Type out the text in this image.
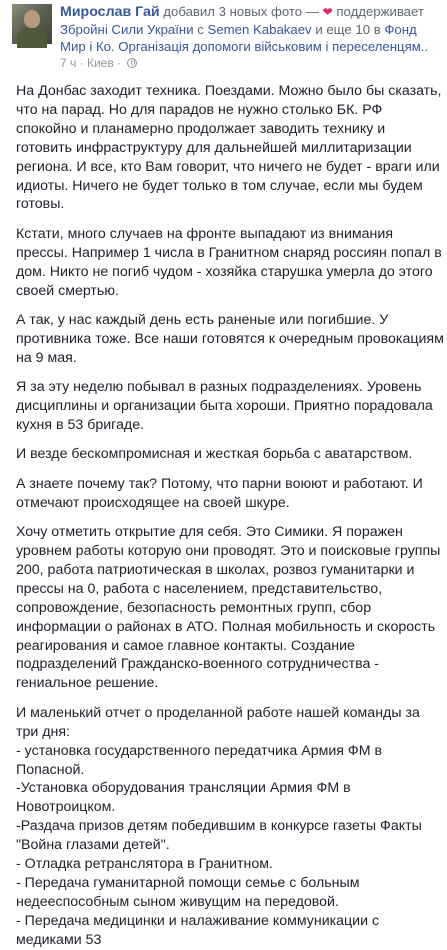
Мирослав Гай добавил 3 новых фото — ❤ поддерживает Збройні Сили України с Semen Kabakaev и еще 10 в Фонд Мир і Ко. Організація допомоги військовим і переселенцям..
7 ч · Киев ·

На Донбас заходит техника. Поездами. Можно было бы сказать, что на парад. Но для парадов не нужно столько БК. РФ спокойно и планамерно продолжает заводить технику и готовить инфраструктуру для дальнейшей миллитаризации региона. И все, кто Вам говорит, что ничего не будет - враги или идиоты. Ничего не будет только в том случае, если мы будем готовы.

Кстати, много случаев на фронте выпадают из внимания прессы. Например 1 числа в Гранитном снаряд россиян попал в дом. Никто не погиб чудом - хозяйка старушка умерла до этого своей смертью.

А так, у нас каждый день есть раненые или погибшие. У противника тоже. Все наши готовятся к очередным провокациям на 9 мая.

Я за эту неделю побывал в разных подразделениях. Уровень дисциплины и организации быта хороши. Приятно порадовала кухня в 53 бригаде.

И везде бескомпромисная и жесткая борьба с аватарством.

А знаете почему так? Потому, что парни воюют и работают. И отмечают происходящее на своей шкуре.

Хочу отметить открытие для себя. Это Симики. Я поражен уровнем работы которую они проводят. Это и поисковые группы 200, работа патриотическая в школах, розвоз гуманитарки и прессы на 0, работа с населением, представительство, сопровождение, безопасность ремонтных групп, сбор информации о районах в АТО. Полная мобильность и скорость реагирования и самое главное контакты. Создание подразделений Гражданско-военного сотрудничества - гениальное решение.

И маленький отчет о проделанной работе нашей команды за три дня:

- установка государственного передатчика Армия ФМ в Попасной.

-Установка оборудования трансляции Армия ФМ в Новотроицком.

-Раздача призов детям победившим в конкурсе газеты Факты "Война глазами детей".

- Отладка ретранслятора в Гранитном.

- Передача гуманитарной помощи семье с больным недееспособным сыном живущим на передовой.

- Передача медицинки и налаживание коммуникации с медиками 53
